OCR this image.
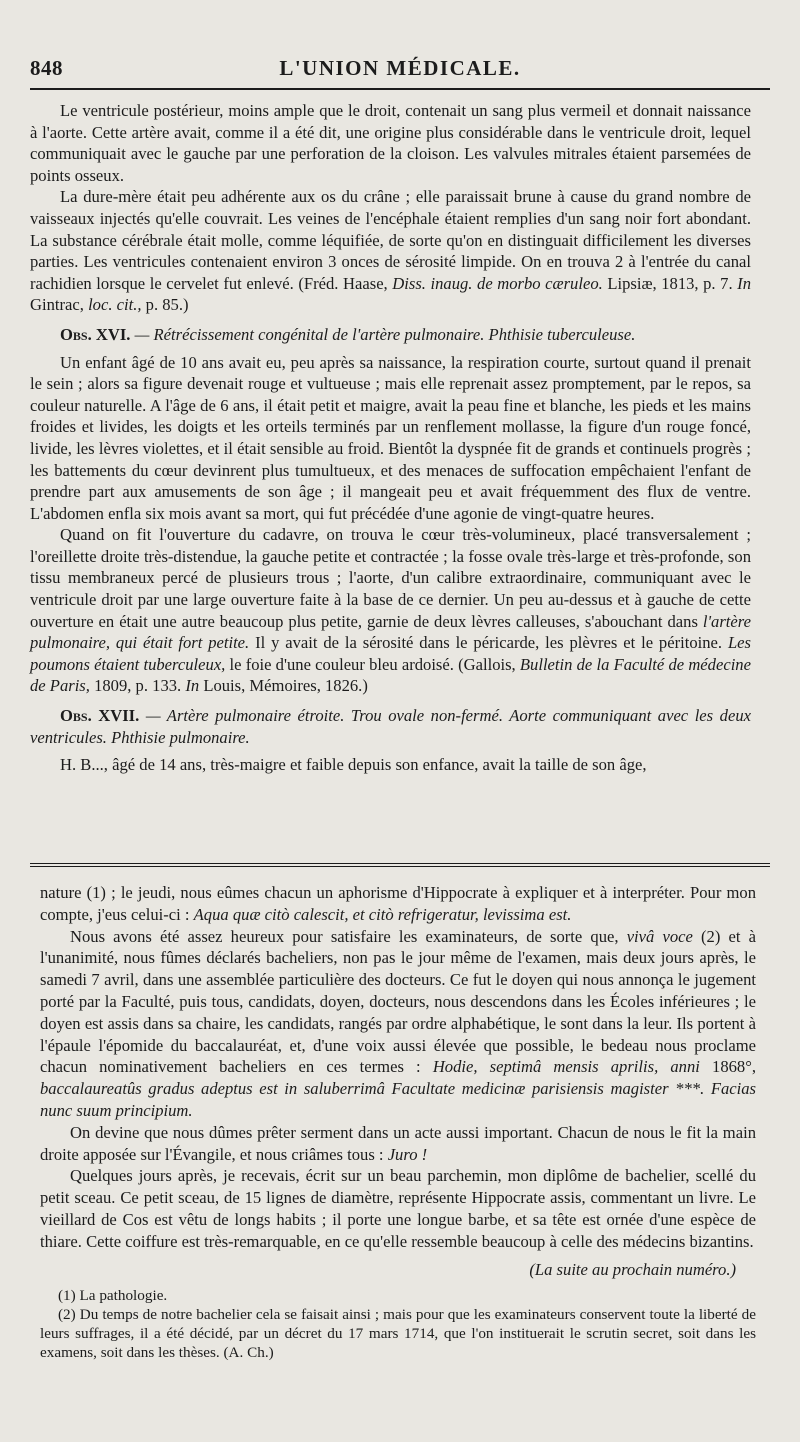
848	L'UNION MÉDICALE.

Le ventricule postérieur, moins ample que le droit, contenait un sang plus vermeil et donnait naissance à l'aorte. Cette artère avait, comme il a été dit, une origine plus considérable dans le ventricule droit, lequel communiquait avec le gauche par une perforation de la cloison. Les valvules mitrales étaient parsemées de points osseux.

La dure-mère était peu adhérente aux os du crâne ; elle paraissait brune à cause du grand nombre de vaisseaux injectés qu'elle couvrait. Les veines de l'encéphale étaient remplies d'un sang noir fort abondant. La substance cérébrale était molle, comme léquifiée, de sorte qu'on en distinguait difficilement les diverses parties. Les ventricules contenaient environ 3 onces de sérosité limpide. On en trouva 2 à l'entrée du canal rachidien lorsque le cervelet fut enlevé. (Fréd. Haase, Diss. inaug. de morbo cæruleo. Lipsiæ, 1813, p. 7. In Gintrac, loc. cit., p. 85.)

Obs. XVI. — Rétrécissement congénital de l'artère pulmonaire. Phthisie tuberculeuse.

Un enfant âgé de 10 ans avait eu, peu après sa naissance, la respiration courte, surtout quand il prenait le sein ; alors sa figure devenait rouge et vultueuse ; mais elle reprenait assez promptement, par le repos, sa couleur naturelle. A l'âge de 6 ans, il était petit et maigre, avait la peau fine et blanche, les pieds et les mains froides et livides, les doigts et les orteils terminés par un renflement mollasse, la figure d'un rouge foncé, livide, les lèvres violettes, et il était sensible au froid. Bientôt la dyspnée fit de grands et continuels progrès ; les battements du cœur devinrent plus tumultueux, et des menaces de suffocation empêchaient l'enfant de prendre part aux amusements de son âge ; il mangeait peu et avait fréquemment des flux de ventre. L'abdomen enfla six mois avant sa mort, qui fut précédée d'une agonie de vingt-quatre heures.

Quand on fit l'ouverture du cadavre, on trouva le cœur très-volumineux, placé transversalement ; l'oreillette droite très-distendue, la gauche petite et contractée ; la fosse ovale très-large et très-profonde, son tissu membraneux percé de plusieurs trous ; l'aorte, d'un calibre extraordinaire, communiquant avec le ventricule droit par une large ouverture faite à la base de ce dernier. Un peu au-dessus et à gauche de cette ouverture en était une autre beaucoup plus petite, garnie de deux lèvres calleuses, s'abouchant dans l'artère pulmonaire, qui était fort petite. Il y avait de la sérosité dans le péricarde, les plèvres et le péritoine. Les poumons étaient tuberculeux, le foie d'une couleur bleu ardoisé. (Gallois, Bulletin de la Faculté de médecine de Paris, 1809, p. 133. In Louis, Mémoires, 1826.)

Obs. XVII. — Artère pulmonaire étroite. Trou ovale non-fermé. Aorte communiquant avec les deux ventricules. Phthisie pulmonaire.

H. B..., âgé de 14 ans, très-maigre et faible depuis son enfance, avait la taille de son âge,

nature (1) ; le jeudi, nous eûmes chacun un aphorisme d'Hippocrate à expliquer et à interpréter. Pour mon compte, j'eus celui-ci : Aqua quæ citò calescit, et citò refrigeratur, levissima est.

Nous avons été assez heureux pour satisfaire les examinateurs, de sorte que, vivâ voce (2) et à l'unanimité, nous fûmes déclarés bacheliers, non pas le jour même de l'examen, mais deux jours après, le samedi 7 avril, dans une assemblée particulière des docteurs. Ce fut le doyen qui nous annonça le jugement porté par la Faculté, puis tous, candidats, doyen, docteurs, nous descendons dans les Écoles inférieures ; le doyen est assis dans sa chaire, les candidats, rangés par ordre alphabétique, le sont dans la leur. Ils portent à l'épaule l'épomide du baccalauréat, et, d'une voix aussi élevée que possible, le bedeau nous proclame chacun nominativement bacheliers en ces termes : Hodie, septimâ mensis aprilis, anni 1868°, baccalaureatûs gradus adeptus est in saluberrimâ Facultate medicinæ parisiensis magister ***. Facias nunc suum principium.

On devine que nous dûmes prêter serment dans un acte aussi important. Chacun de nous le fit la main droite apposée sur l'Évangile, et nous criâmes tous : Juro !

Quelques jours après, je recevais, écrit sur un beau parchemin, mon diplôme de bachelier, scellé du petit sceau. Ce petit sceau, de 15 lignes de diamètre, représente Hippocrate assis, commentant un livre. Le vieillard de Cos est vêtu de longs habits ; il porte une longue barbe, et sa tête est ornée d'une espèce de thiare. Cette coiffure est très-remarquable, en ce qu'elle ressemble beaucoup à celle des médecins bizantins.

(La suite au prochain numéro.)

(1) La pathologie.

(2) Du temps de notre bachelier cela se faisait ainsi ; mais pour que les examinateurs conservent toute la liberté de leurs suffrages, il a été décidé, par un décret du 17 mars 1714, que l'on instituerait le scrutin secret, soit dans les examens, soit dans les thèses. (A. Ch.)
